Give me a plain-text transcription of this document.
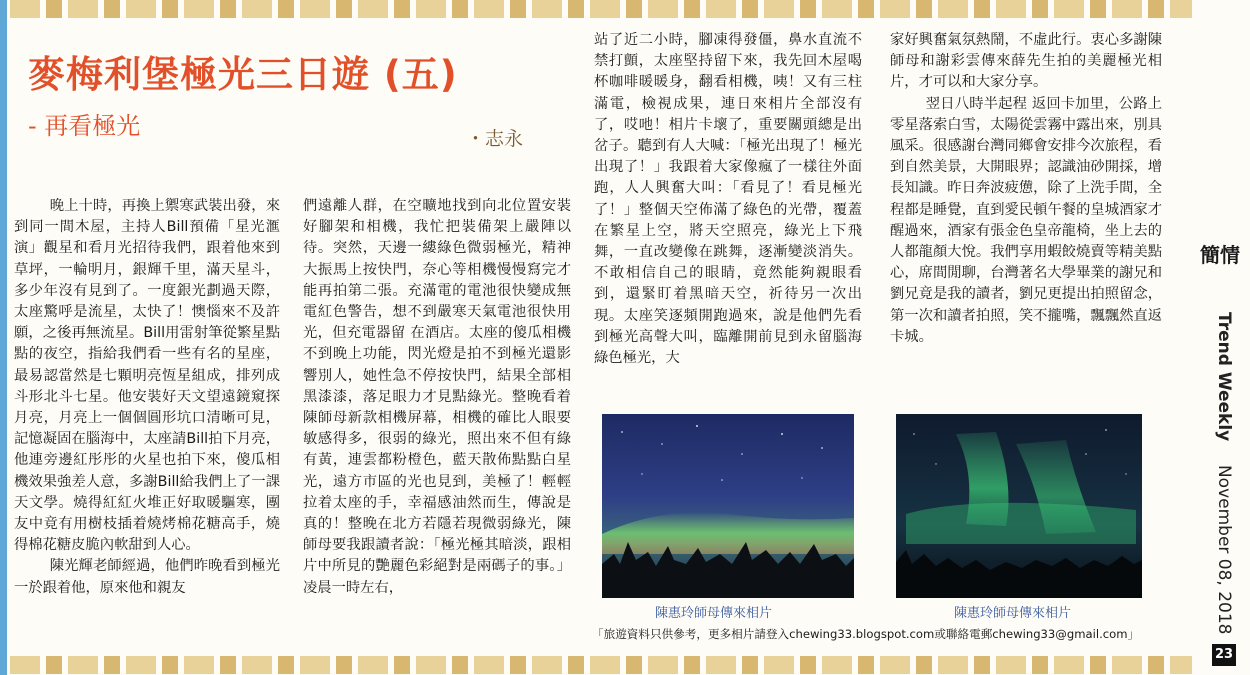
麥梅利堡極光三日遊 (五)
- 再看極光	・志永

晚上十時，再換上禦寒武裝出發，來到同一間木屋，主持人Bill預備「星光滙演」觀星和看月光招待我們，跟着他來到草坪，一輪明月，銀輝千里，滿天星斗，多少年沒有見到了。一度銀光劃過天際，太座驚呼是流星，太快了！懊惱來不及許願，之後再無流星。Bill用雷射筆從繁星點點的夜空，指給我們看一些有名的星座，最易認當然是七顆明亮恆星組成，排列成斗形北斗七星。他安裝好天文望遠鏡窺探月亮，月亮上一個個圓形坑口清晰可見，記憶凝固在腦海中，太座請Bill拍下月亮，他連旁邊紅彤彤的火星也拍下來，傻瓜相機效果強差人意，多謝Bill給我們上了一課天文學。燒得紅紅火堆正好取暖驅寒，團友中竟有用樹枝插着燒烤棉花糖高手，燒得棉花糖皮脆內軟甜到人心。

陳光輝老師經過，他們昨晚看到極光一於跟着他，原來他和親友

們遠離人群，在空曠地找到向北位置安裝好腳架和相機，我忙把裝備架上嚴陣以待。突然，天邊一縷綠色微弱極光，精神大振馬上按快門，奈心等相機慢慢寫完才能再拍第二張。充滿電的電池很快變成無電紅色警告，想不到嚴寒天氣電池很快用光，但充電器留 在酒店。太座的傻瓜相機不到晚上功能，閃光燈是拍不到極光還影響別人，她性急不停按快門，結果全部相黑漆漆，落足眼力才見點綠光。整晚看着陳師母新款相機屏幕，相機的確比人眼要敏感得多，很弱的綠光，照出來不但有綠有黃，連雲都粉橙色，藍天散佈點點白星光，遠方市區的光也見到，美極了！輕輕拉着太座的手，幸福感油然而生，傳說是真的！整晚在北方若隱若現微弱綠光，陳師母要我跟讀者說：「極光極其暗淡，跟相片中所見的艷麗色彩絕對是兩碼子的事。」凌晨一時左右，

站了近二小時，腳凍得發僵，鼻水直流不禁打顫，太座堅持留下來，我先回木屋喝杯咖啡暖暖身，翻看相機，咦！又有三柱滿電，檢視成果，連日來相片全部沒有了，哎吔！相片卡壞了，重要關頭總是出岔子。聽到有人大喊：「極光出現了！極光出現了！」我跟着大家像瘋了一樣往外面跑，人人興奮大叫：「看見了！看見極光了！」整個天空佈滿了綠色的光帶，覆蓋在繁星上空，將天空照亮，綠光上下飛舞，一直改變像在跳舞，逐漸變淡消失。不敢相信自己的眼睛，竟然能夠親眼看到，還緊盯着黑暗天空，祈待另一次出現。太座笑逐頻開跑過來，說是他們先看到極光高聲大叫，臨離開前見到永留腦海綠色極光，大

家好興奮氣氛熱鬧，不虛此行。衷心多謝陳師母和謝彩雲傳來薛先生拍的美麗極光相片，才可以和大家分享。

翌日八時半起程 返回卡加里，公路上零星落索白雪，太陽從雲霧中露出來，別具風采。很感謝台灣同鄉會安排今次旅程，看到自然美景，大開眼界；認識油砂開採，增長知識。昨日奔波疲憊，除了上洗手間，全程都是睡覺，直到愛民頓午餐的皇城酒家才醒過來，酒家有張金色皇帝龍椅，坐上去的人都龍顏大悅。我們享用蝦餃燒賣等精美點心，席間閒聊，台灣著名大學畢業的謝兄和劉兄竟是我的讀者，劉兄更提出拍照留念，第一次和讀者拍照，笑不攏嘴，飄飄然直返卡城。

陳惠玲師母傳來相片	陳惠玲師母傳來相片
「旅遊資料只供參考，更多相片請登入chewing33.blogspot.com或聯絡電郵chewing33@gmail.com」
簡情
Trend Weekly    November 08, 2018
23
